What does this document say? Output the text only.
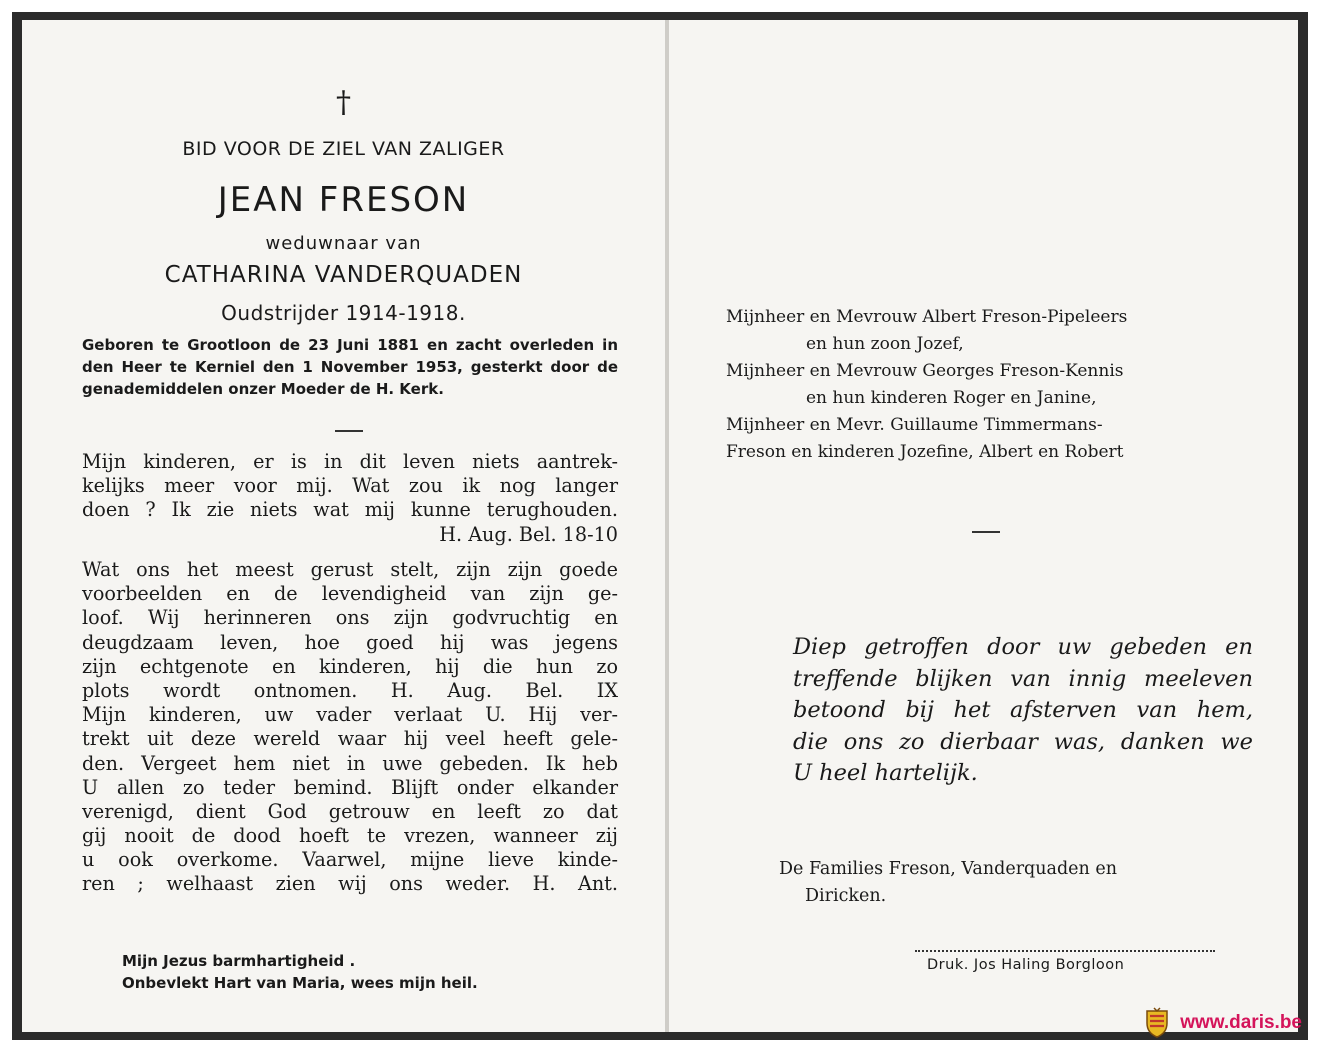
†
BID VOOR DE ZIEL VAN ZALIGER
JEAN FRESON
weduwnaar van
CATHARINA VANDERQUADEN
Oudstrijder 1914-1918.
Geboren te Grootloon de 23 Juni 1881 en zacht overleden in den Heer te Kerniel den 1 November 1953, gesterkt door de genademiddelen onzer Moeder de H. Kerk.
Mijn kinderen, er is in dit leven niets aantrek-
kelijks meer voor mij. Wat zou ik nog langer
doen ? Ik zie niets wat mij kunne terughouden.
H. Aug. Bel. 18-10
Wat ons het meest gerust stelt, zijn zijn goede
voorbeelden en de levendigheid van zijn ge-
loof. Wij herinneren ons zijn godvruchtig en
deugdzaam leven, hoe goed hij was jegens
zijn echtgenote en kinderen, hij die hun zo
plots wordt ontnomen. H. Aug. Bel. IX
Mijn kinderen, uw vader verlaat U. Hij ver-
trekt uit deze wereld waar hij veel heeft gele-
den. Vergeet hem niet in uwe gebeden. Ik heb
U allen zo teder bemind. Blijft onder elkander
verenigd, dient God getrouw en leeft zo dat
gij nooit de dood hoeft te vrezen, wanneer zij
u ook overkome. Vaarwel, mijne lieve kinde-
ren ; welhaast zien wij ons weder. H. Ant.
Mijn Jezus barmhartigheid .
Onbevlekt Hart van Maria, wees mijn heil.
Mijnheer en Mevrouw Albert Freson-Pipeleers
en hun zoon Jozef,
Mijnheer en Mevrouw Georges Freson-Kennis
en hun kinderen Roger en Janine,
Mijnheer en Mevr. Guillaume Timmermans-
Freson en kinderen Jozefine, Albert en Robert
Diep getroffen door uw gebeden en
treffende blijken van innig meeleven
betoond bij het afsterven van hem,
die ons zo dierbaar was, danken we
U heel hartelijk.
De Families Freson, Vanderquaden en
Diricken.
Druk. Jos Haling Borgloon
www.daris.be
